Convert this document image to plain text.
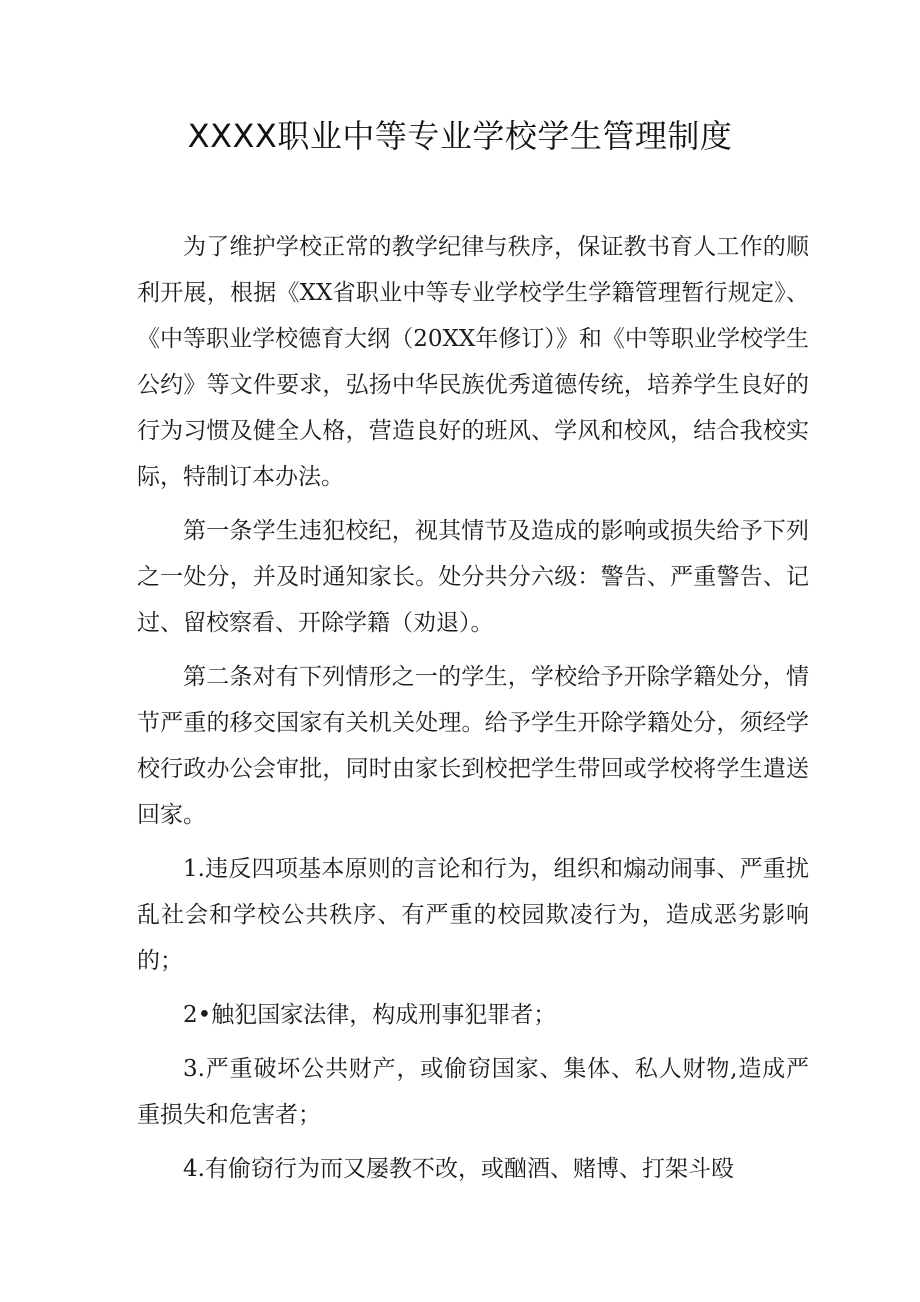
XXXX职业中等专业学校学生管理制度

为了维护学校正常的教学纪律与秩序，保证教书育人工作的顺利开展，根据《XX省职业中等专业学校学生学籍管理暂行规定》、《中等职业学校德育大纲（20XX年修订）》和《中等职业学校学生公约》等文件要求，弘扬中华民族优秀道德传统，培养学生良好的行为习惯及健全人格，营造良好的班风、学风和校风，结合我校实际，特制订本办法。

第一条学生违犯校纪，视其情节及造成的影响或损失给予下列之一处分，并及时通知家长。处分共分六级：警告、严重警告、记过、留校察看、开除学籍（劝退）。

第二条对有下列情形之一的学生，学校给予开除学籍处分，情节严重的移交国家有关机关处理。给予学生开除学籍处分，须经学校行政办公会审批，同时由家长到校把学生带回或学校将学生遣送回家。

1.违反四项基本原则的言论和行为，组织和煽动闹事、严重扰乱社会和学校公共秩序、有严重的校园欺凌行为，造成恶劣影响的；

2•触犯国家法律，构成刑事犯罪者；

3.严重破坏公共财产，或偷窃国家、集体、私人财物,造成严重损失和危害者；

4.有偷窃行为而又屡教不改，或酗酒、赌博、打架斗殴
